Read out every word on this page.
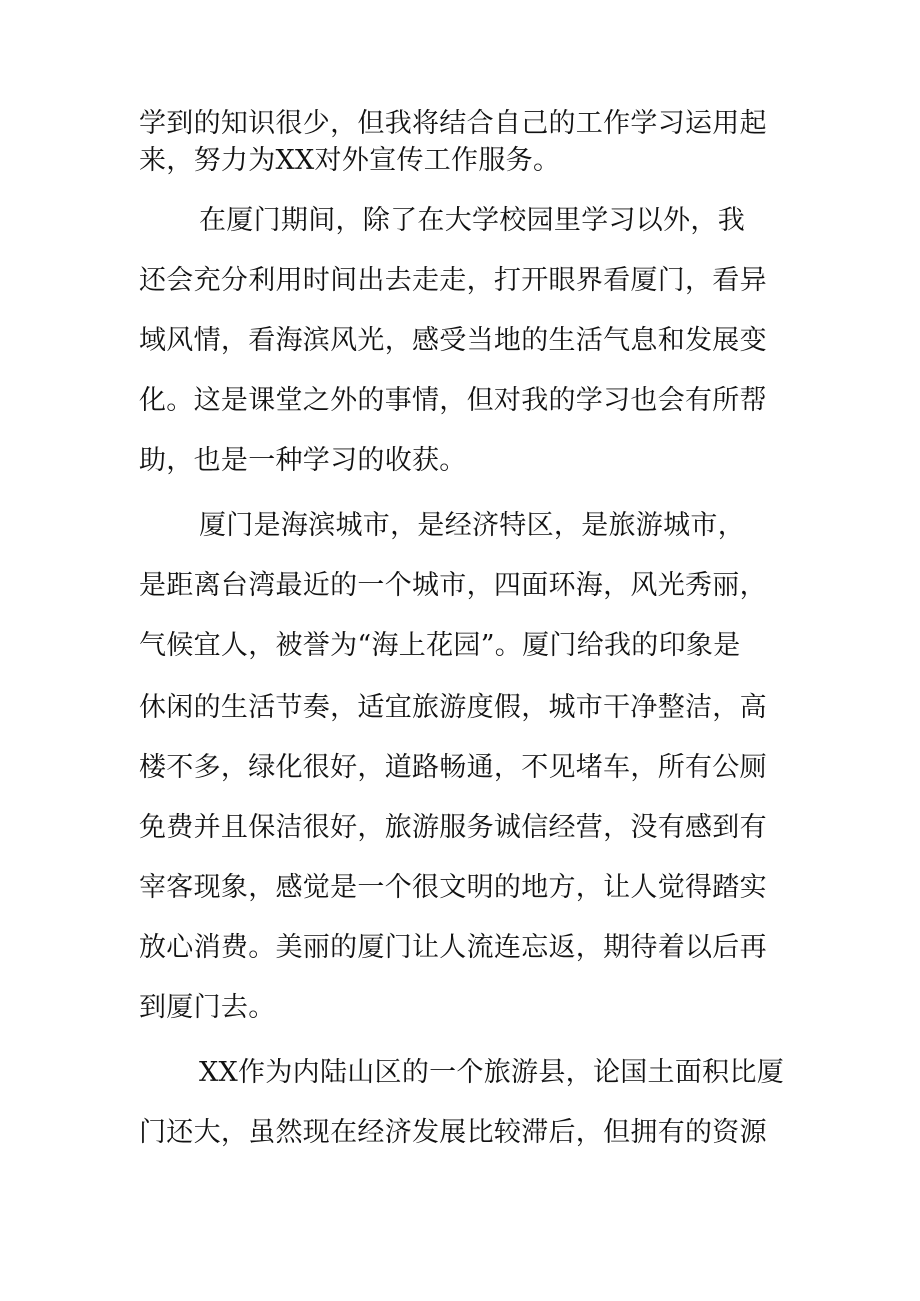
学到的知识很少，但我将结合自己的工作学习运用起
来，努力为XX对外宣传工作服务。
在厦门期间，除了在大学校园里学习以外，我
还会充分利用时间出去走走，打开眼界看厦门，看异
域风情，看海滨风光，感受当地的生活气息和发展变
化。这是课堂之外的事情，但对我的学习也会有所帮
助，也是一种学习的收获。
厦门是海滨城市，是经济特区，是旅游城市，
是距离台湾最近的一个城市，四面环海，风光秀丽，
气候宜人，被誉为“海上花园”。厦门给我的印象是
休闲的生活节奏，适宜旅游度假，城市干净整洁，高
楼不多，绿化很好，道路畅通，不见堵车，所有公厕
免费并且保洁很好，旅游服务诚信经营，没有感到有
宰客现象，感觉是一个很文明的地方，让人觉得踏实
放心消费。美丽的厦门让人流连忘返，期待着以后再
到厦门去。
XX作为内陆山区的一个旅游县，论国土面积比厦
门还大，虽然现在经济发展比较滞后，但拥有的资源
